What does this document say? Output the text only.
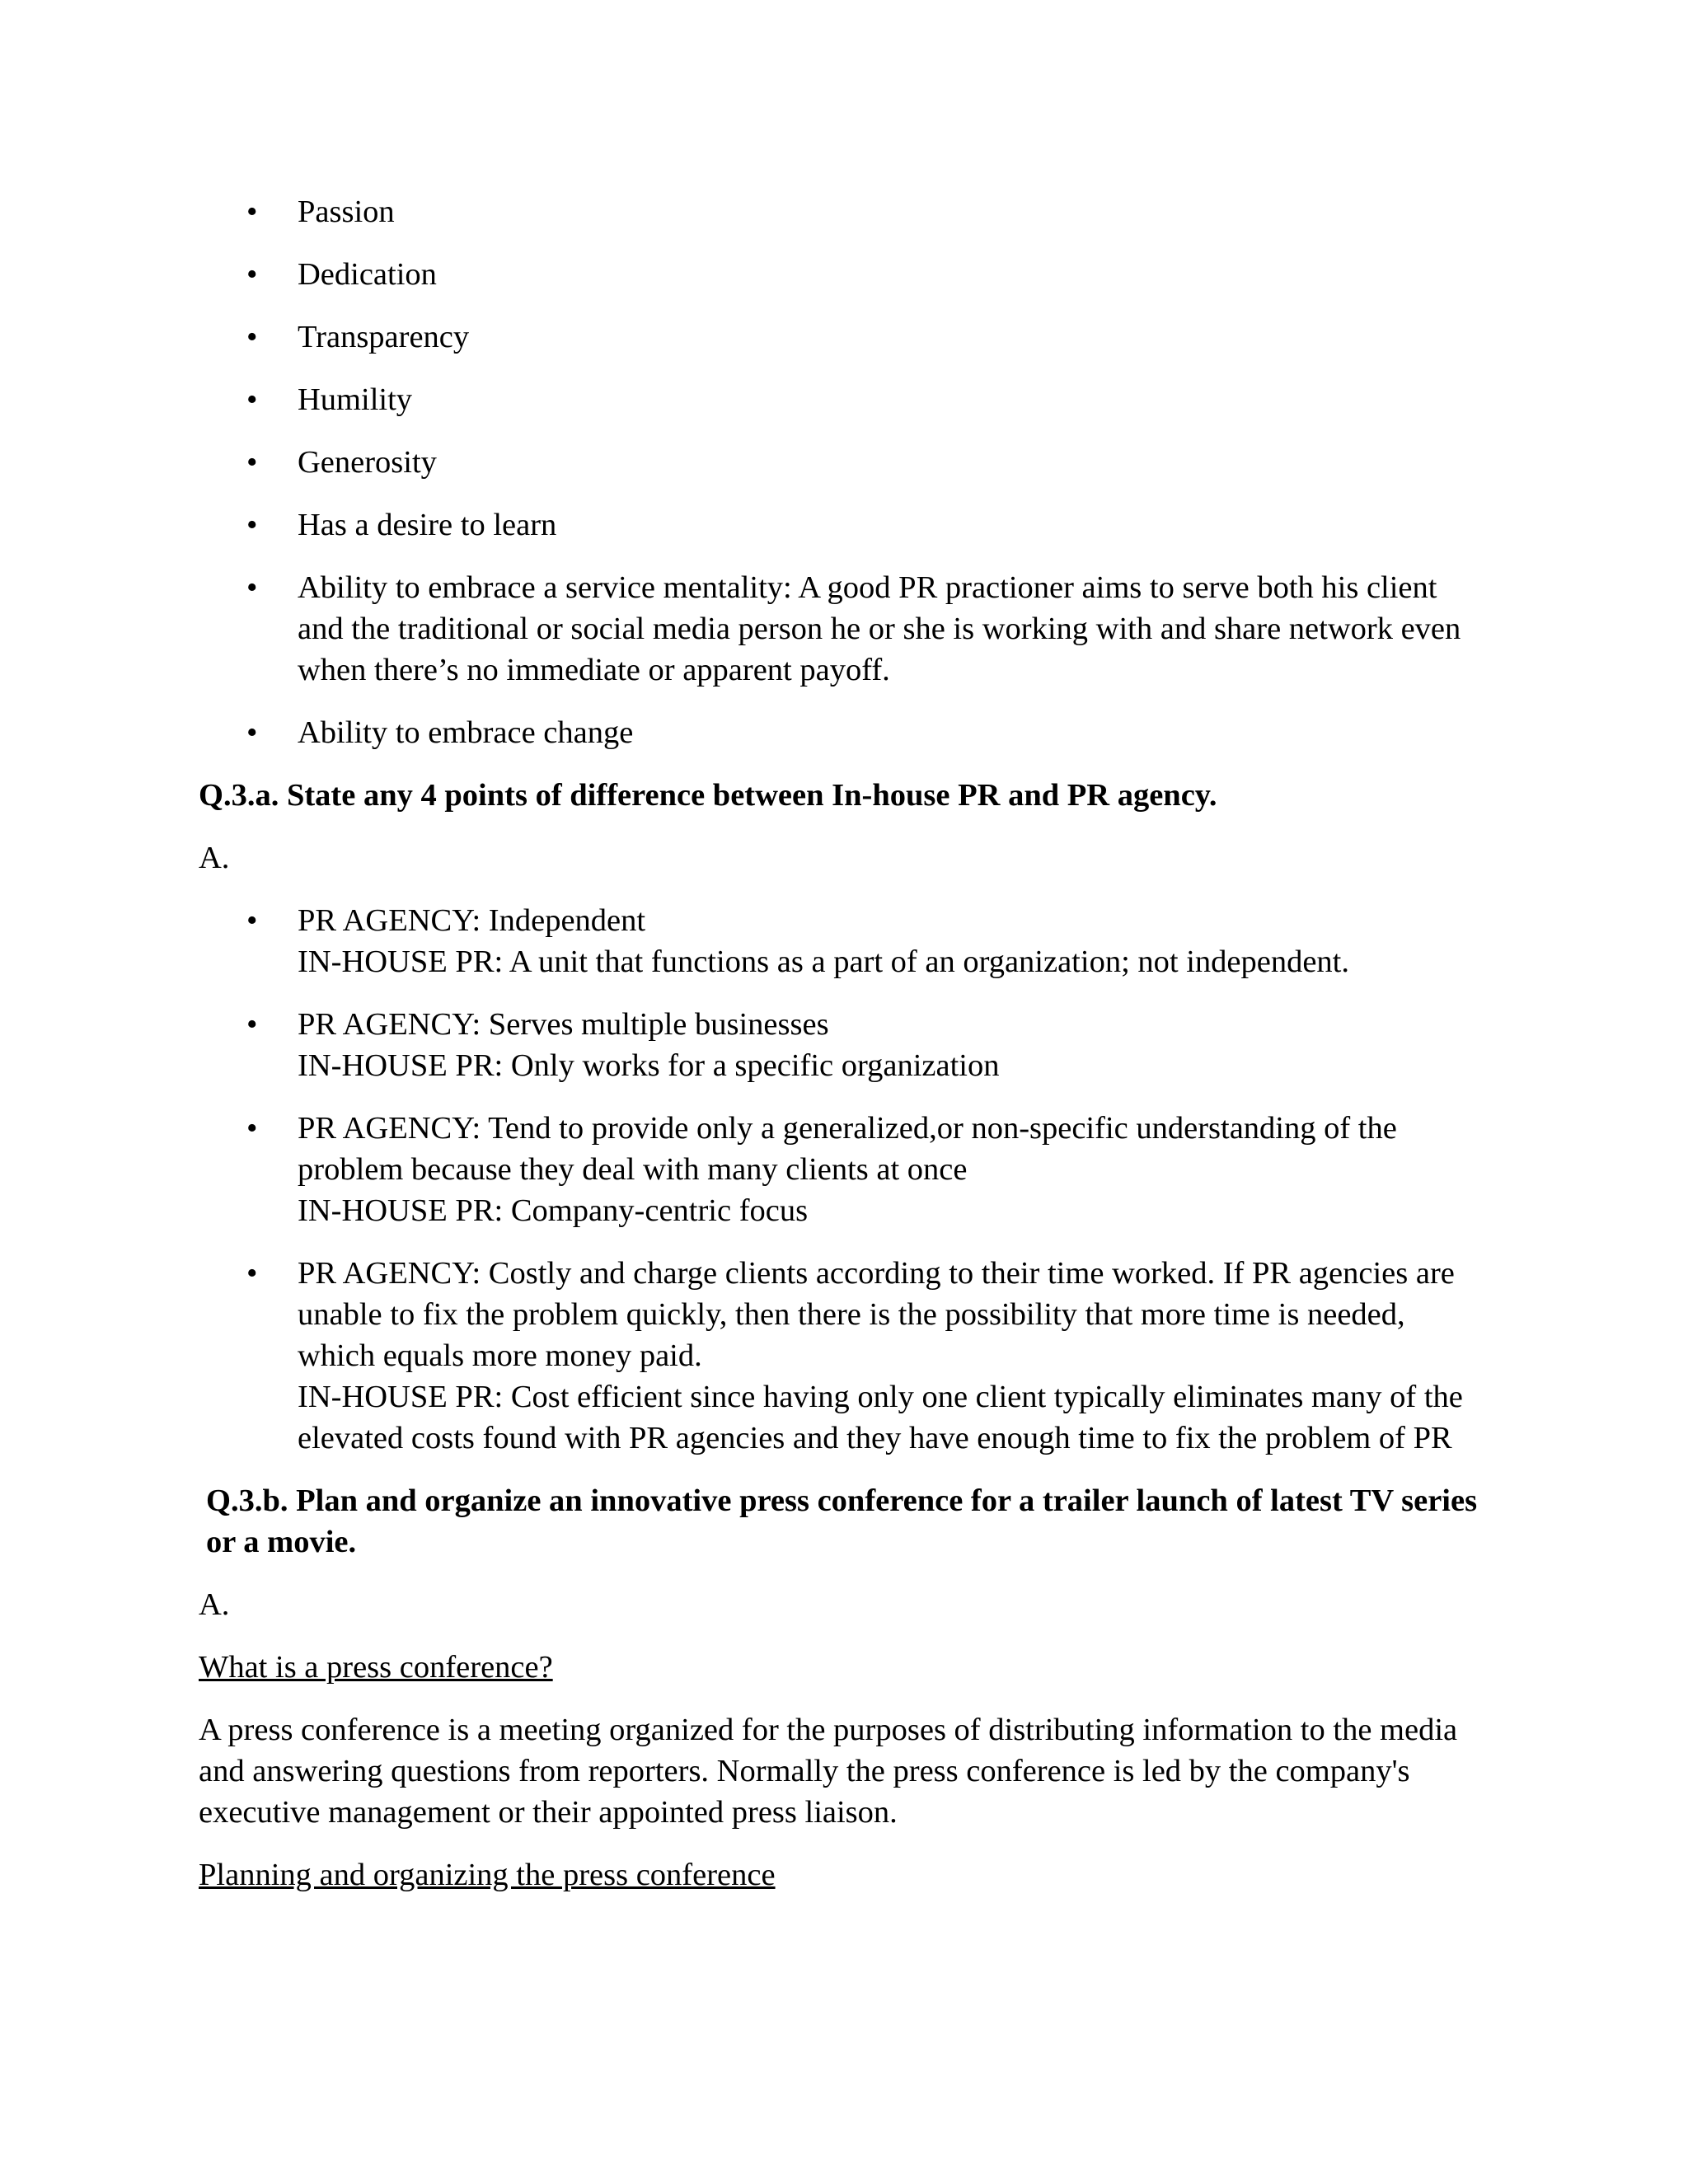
• Passion
• Dedication
• Transparency
• Humility
• Generosity
• Has a desire to learn
• Ability to embrace a service mentality: A good PR practioner aims to serve both his client and the traditional or social media person he or she is working with and share network even when there’s no immediate or apparent payoff.
• Ability to embrace change
Q.3.a. State any 4 points of difference between In-house PR and PR agency.
A.
• PR AGENCY: Independent
IN-HOUSE PR: A unit that functions as a part of an organization; not independent.
• PR AGENCY: Serves multiple businesses
IN-HOUSE PR: Only works for a specific organization
• PR AGENCY: Tend to provide only a generalized,or non-specific understanding of the problem because they deal with many clients at once
IN-HOUSE PR: Company-centric focus
• PR AGENCY: Costly and charge clients according to their time worked. If PR agencies are unable to fix the problem quickly, then there is the possibility that more time is needed, which equals more money paid.
IN-HOUSE PR: Cost efficient since having only one client typically eliminates many of the elevated costs found with PR agencies and they have enough time to fix the problem of PR
Q.3.b. Plan and organize an innovative press conference for a trailer launch of latest TV series or a movie.
A.
What is a press conference?
A press conference is a meeting organized for the purposes of distributing information to the media and answering questions from reporters. Normally the press conference is led by the company's executive management or their appointed press liaison.
Planning and organizing the press conference
